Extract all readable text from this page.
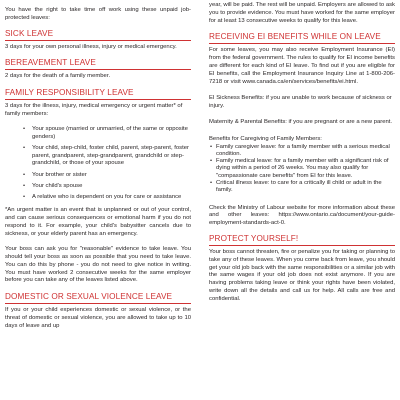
You have the right to take time off work using these unpaid job-protected leaves:

SICK LEAVE

3 days for your own personal illness, injury or medical emergency.

BEREAVEMENT LEAVE

2 days for the death of a family member.

FAMILY RESPONSIBILITY LEAVE

3 days for the illness, injury, medical emergency or urgent matter* of family members:

• Your spouse (married or unmarried, of the same or opposite genders)
• Your child, step-child, foster child, parent, step-parent, foster parent, grandparent, step-grandparent, grandchild or step-grandchild, or those of your spouse
• Your brother or sister
• Your child's spouse
• A relative who is dependent on you for care or assistance

*An urgent matter is an event that is unplanned or out of your control, and can cause serious consequences or emotional harm if you do not respond to it. For example, your child's babysitter cancels due to sickness, or your elderly parent has an emergency.

Your boss can ask you for "reasonable" evidence to take leave. You should tell your boss as soon as possible that you need to take leave. You can do this by phone - you do not need to give notice in writing. You must have worked 2 consecutive weeks for the same employer before you can take any of the leaves listed above.

DOMESTIC OR SEXUAL VIOLENCE LEAVE

If you or your child experiences domestic or sexual violence, or the threat of domestic or sexual violence, you are allowed to take up to 10 days of leave and up

year, will be paid. The rest will be unpaid. Employers are allowed to ask you to provide evidence. You must have worked for the same employer for at least 13 consecutive weeks to qualify for this leave.

RECEIVING EI BENEFITS WHILE ON LEAVE

For some leaves, you may also receive Employment Insurance (EI) from the federal government. The rules to qualify for EI income benefits are different for each kind of EI leave. To find out if you are eligible for EI benefits, call the Employment Insurance Inquiry Line at 1-800-206-7218 or visit www.canada.ca/en/services/benefits/ei.html.

EI Sickness Benefits: if you are unable to work because of sickness or injury.

Maternity & Parental Benefits: if you are pregnant or are a new parent.

Benefits for Caregiving of Family Members:

• Family caregiver leave: for a family member with a serious medical condition.
• Family medical leave: for a family member with a significant risk of dying within a period of 26 weeks. You may also qualify for "compassionate care benefits" from EI for this leave.
• Critical illness leave: to care for a critically ill child or adult in the family.

Check the Ministry of Labour website for more information about these and other leaves: https://www.ontario.ca/document/your-guide-employment-standards-act-0.

PROTECT YOURSELF!

Your boss cannot threaten, fire or penalize you for taking or planning to take any of these leaves. When you come back from leave, you should get your old job back with the same responsibilities or a similar job with the same wages if your old job does not exist anymore. If you are having problems taking leave or think your rights have been violated, write down all the details and call us for help. All calls are free and confidential.
